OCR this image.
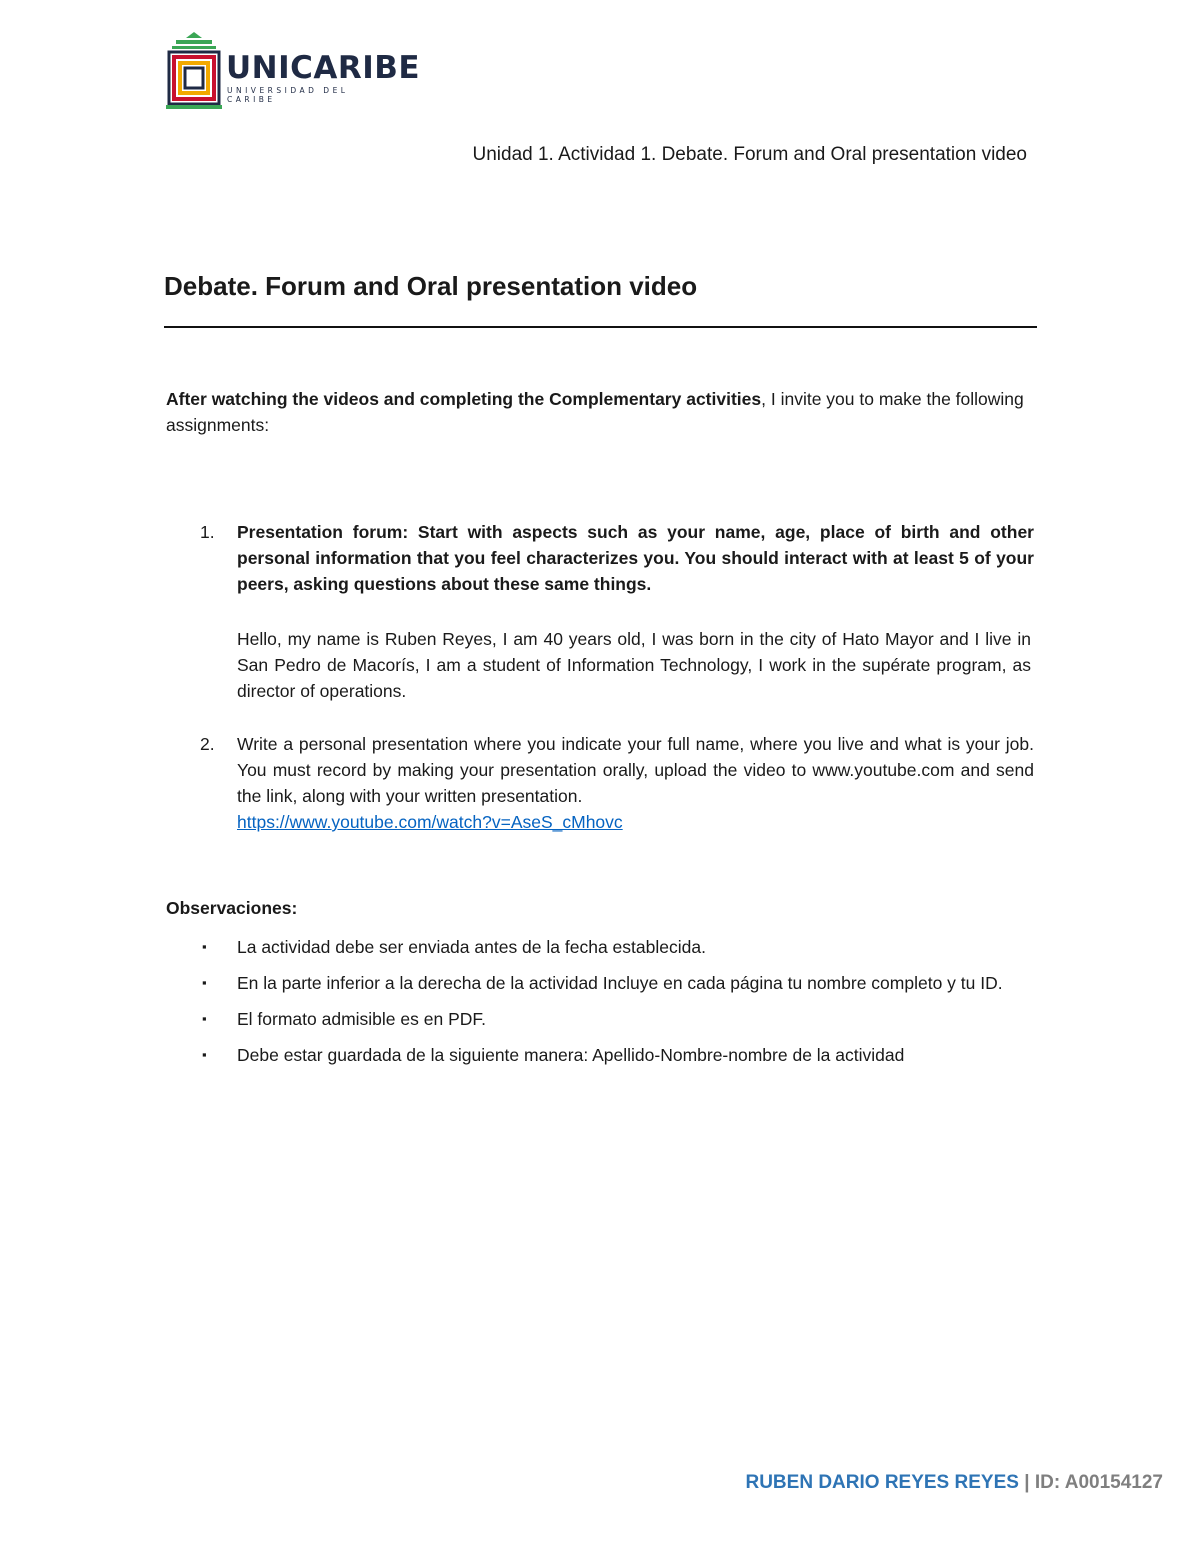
UNICARIBE
UNIVERSIDAD DEL CARIBE
Unidad 1. Actividad 1. Debate. Forum and Oral presentation video
Debate. Forum and Oral presentation video
After watching the videos and completing the Complementary activities, I invite you to make the following assignments:
1.	Presentation forum: Start with aspects such as your name, age, place of birth and other personal information that you feel characterizes you. You should interact with at least 5 of your peers, asking questions about these same things.
Hello, my name is Ruben Reyes, I am 40 years old, I was born in the city of Hato Mayor and I live in San Pedro de Macorís, I am a student of Information Technology, I work in the supérate program, as director of operations.
2.	Write a personal presentation where you indicate your full name, where you live and what is your job. You must record by making your presentation orally, upload the video to www.youtube.com and send the link, along with your written presentation.
https://www.youtube.com/watch?v=AseS_cMhovc
Observaciones:
▪ La actividad debe ser enviada antes de la fecha establecida.
▪ En la parte inferior a la derecha de la actividad Incluye en cada página tu nombre completo y tu ID.
▪ El formato admisible es en PDF.
▪ Debe estar guardada de la siguiente manera: Apellido-Nombre-nombre de la actividad
RUBEN DARIO REYES REYES | ID: A00154127
